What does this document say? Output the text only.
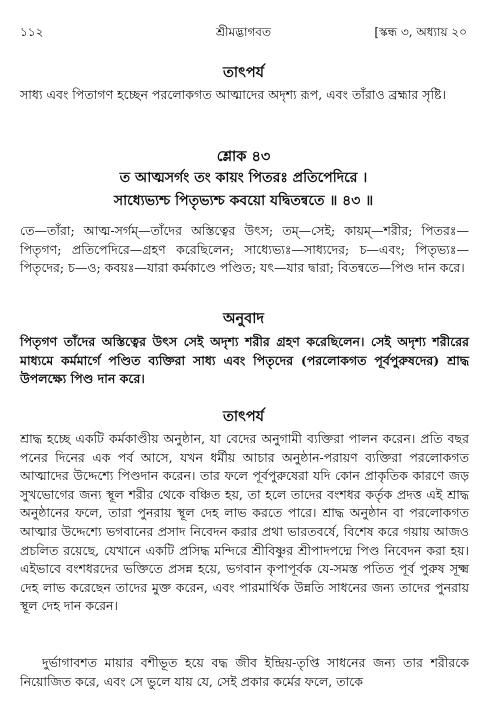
১১২	শ্রীমদ্ভাগবত	[স্কন্ধ ৩, অধ্যায় ২০
তাৎপর্য
সাধ্য এবং পিতাগণ হচ্ছেন পরলোকগত আত্মাদের অদৃশ্য রূপ, এবং তাঁরাও ব্রহ্মার সৃষ্টি।
শ্লোক ৪৩
ত আত্মসর্গং তং কায়ং পিতরঃ প্রতিপেদিরে ।
সাধ্যেভ্যশ্চ পিতৃভ্যশ্চ কবয়ো যদ্বিতন্বতে ॥ ৪৩ ॥
তে—তাঁরা; আত্ম-সর্গম্—তাঁদের অস্তিত্বের উৎস; তম্—সেই; কায়ম্—শরীর; পিতরঃ—পিতৃগণ; প্রতিপেদিরে—গ্রহণ করেছিলেন; সাধ্যেভ্যঃ—সাধ্যদের; চ—এবং; পিতৃভ্যঃ—পিতৃদের; চ—ও; কবয়ঃ—যারা কর্মকাণ্ডে পণ্ডিত; যৎ—যার দ্বারা; বিতন্বতে—পিণ্ড দান করে।
অনুবাদ
পিতৃগণ তাঁদের অস্তিত্বের উৎস সেই অদৃশ্য শরীর গ্রহণ করেছিলেন। সেই অদৃশ্য শরীরের মাধ্যমে কর্মমার্গে পণ্ডিত ব্যক্তিরা সাধ্য এবং পিতৃদের (পরলোকগত পূর্বপুরুষদের) শ্রাদ্ধ উপলক্ষ্যে পিণ্ড দান করে।
তাৎপর্য
শ্রাদ্ধ হচ্ছে একটি কর্মকাণ্ডীয় অনুষ্ঠান, যা বেদের অনুগামী ব্যক্তিরা পালন করেন। প্রতি বছর পনের দিনের এক পর্ব আসে, যখন ধর্মীয় আচার অনুষ্ঠান-পরায়ণ ব্যক্তিরা পরলোকগত আত্মাদের উদ্দেশ্যে পিণ্ডদান করেন। তার ফলে পূর্বপুরুষেরা যদি কোন প্রাকৃতিক কারণে জড় সুখভোগের জন্য স্থূল শরীর থেকে বঞ্চিত হয়, তা হলে তাদের বংশধর কর্তৃক প্রদত্ত এই শ্রাদ্ধ অনুষ্ঠানের ফলে, তারা পুনরায় স্থূল দেহ লাভ করতে পারে। শ্রাদ্ধ অনুষ্ঠান বা পরলোকগত আত্মার উদ্দেশ্যে ভগবানের প্রসাদ নিবেদন করার প্রথা ভারতবর্ষে, বিশেষ করে গয়ায় আজও প্রচলিত রয়েছে, যেখানে একটি প্রসিদ্ধ মন্দিরে শ্রীবিষ্ণুর শ্রীপাদপদ্মে পিণ্ড নিবেদন করা হয়। এইভাবে বংশধরদের ভক্তিতে প্রসন্ন হয়ে, ভগবান কৃপাপূর্বক যে-সমস্ত পতিত পূর্ব পুরুষ সূক্ষ্ম দেহ লাভ করেছেন তাদের মুক্ত করেন, এবং পারমার্থিক উন্নতি সাধনের জন্য তাদের পুনরায় স্থূল দেহ দান করেন।
দুর্ভাগাবশত মায়ার বশীভূত হয়ে বদ্ধ জীব ইন্দ্রিয়-তৃপ্তি সাধনের জন্য তার শরীরকে নিয়োজিত করে, এবং সে ভুলে যায় যে, সেই প্রকার কর্মের ফলে, তাকে
